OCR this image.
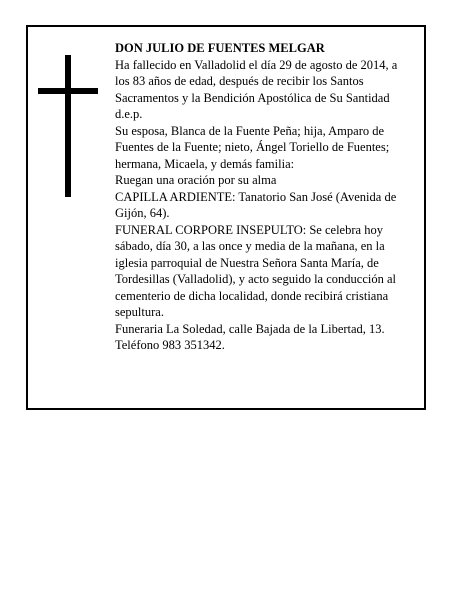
DON JULIO DE FUENTES MELGAR

Ha fallecido en Valladolid el día 29 de agosto de 2014, a los 83 años de edad, después de recibir los Santos Sacramentos y la Bendición Apostólica de Su Santidad

d.e.p.

Su esposa, Blanca de la Fuente Peña; hija, Amparo de Fuentes de la Fuente; nieto, Ángel Toriello de Fuentes; hermana, Micaela, y demás familia:

Ruegan una oración por su alma

CAPILLA ARDIENTE: Tanatorio San José (Avenida de Gijón, 64).

FUNERAL CORPORE INSEPULTO: Se celebra hoy sábado, día 30, a las once y media de la mañana, en la iglesia parroquial de Nuestra Señora Santa María, de Tordesillas (Valladolid), y acto seguido la conducción al cementerio de dicha localidad, donde recibirá cristiana sepultura.

Funeraria La Soledad, calle Bajada de la Libertad, 13. Teléfono 983 351342.
